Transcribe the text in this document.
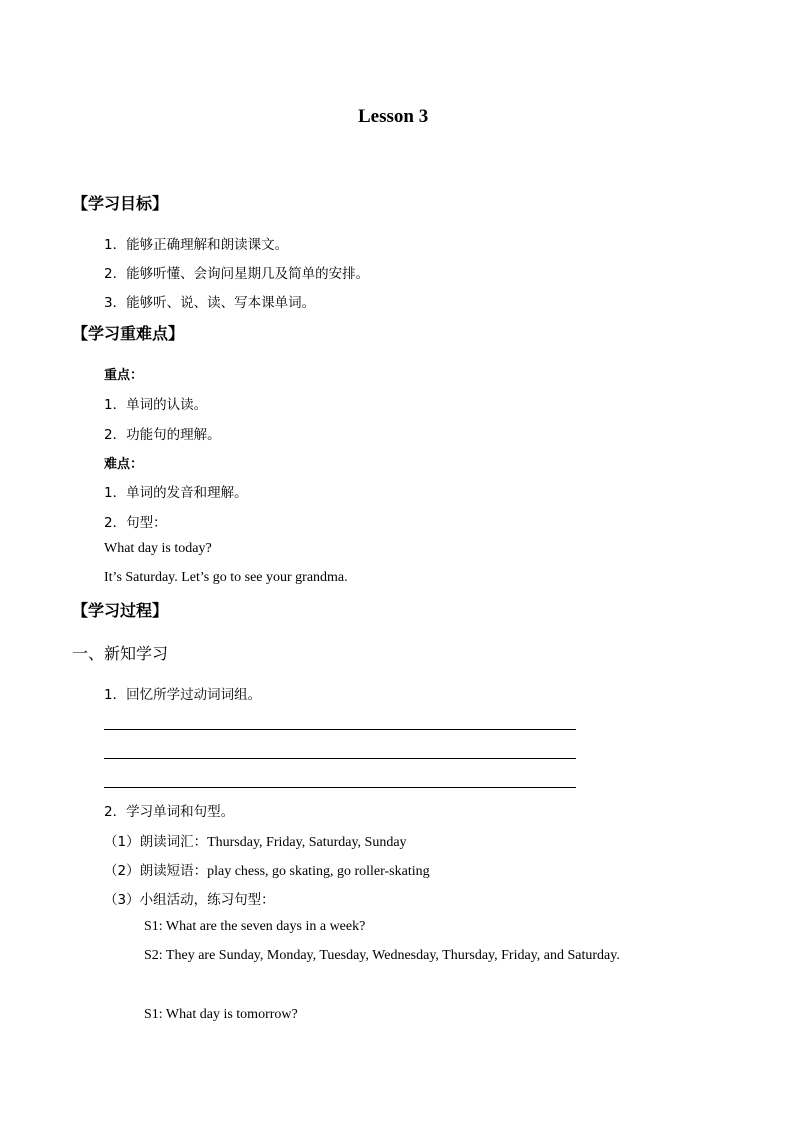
Lesson 3
【学习目标】
1．能够正确理解和朗读课文。
2．能够听懂、会询问星期几及简单的安排。
3．能够听、说、读、写本课单词。
【学习重难点】
重点：
1．单词的认读。
2．功能句的理解。
难点：
1．单词的发音和理解。
2．句型：
What day is today?
It’s Saturday. Let’s go to see your grandma.
【学习过程】
一、新知学习
1．回忆所学过动词词组。
2．学习单词和句型。
（1）朗读词汇：Thursday, Friday, Saturday, Sunday
（2）朗读短语：play chess, go skating, go roller-skating
（3）小组活动，练习句型：
S1: What are the seven days in a week?
S2: They are Sunday, Monday, Tuesday, Wednesday, Thursday, Friday, and Saturday.
S1: What day is tomorrow?
